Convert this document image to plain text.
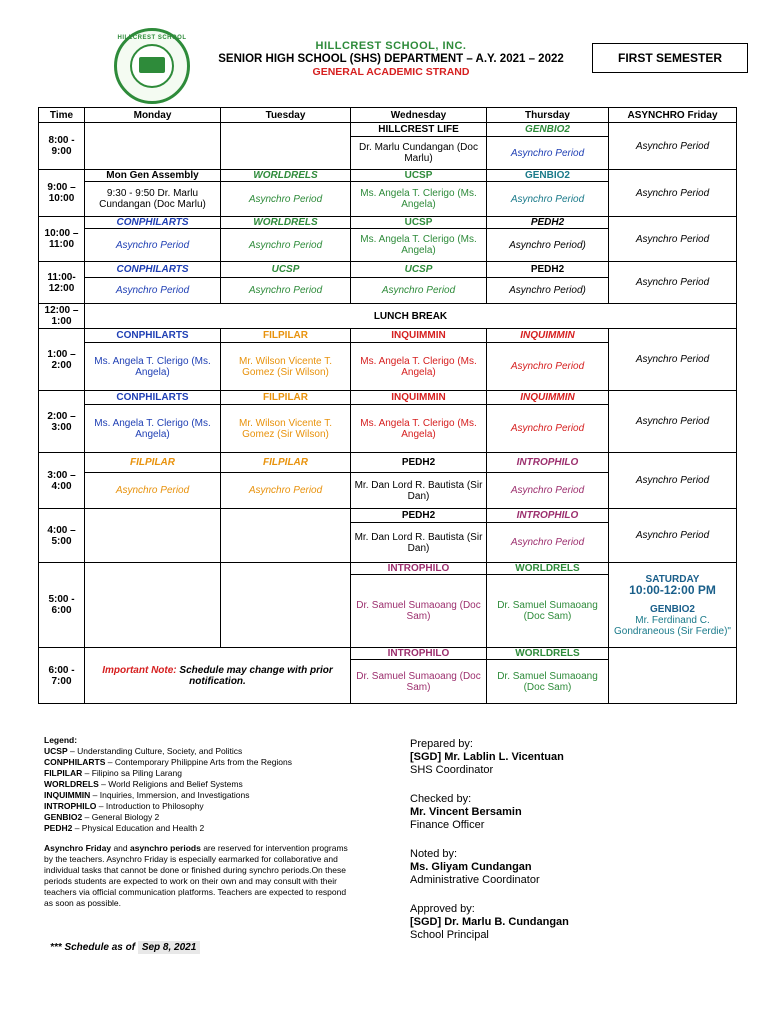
HILLCREST SCHOOL
HILLCREST SCHOOL, INC.
SENIOR HIGH SCHOOL (SHS) DEPARTMENT – A.Y. 2021 – 2022
GENERAL ACADEMIC STRAND
FIRST SEMESTER
Time	Monday	Tuesday	Wednesday	Thursday	ASYNCHRO Friday
8:00 - 9:00			HILLCREST LIFE	GENBIO2	Asynchro Period
			Dr. Marlu Cundangan (Doc Marlu)	Asynchro Period	
9:00 – 10:00	Mon Gen Assembly	WORLDRELS	UCSP	GENBIO2	Asynchro Period
	9:30 - 9:50 Dr. Marlu Cundangan (Doc Marlu)	Asynchro Period	Ms. Angela T. Clerigo (Ms. Angela)	Asynchro Period	
10:00 – 11:00	CONPHILARTS	WORLDRELS	UCSP	PEDH2	Asynchro Period
	Asynchro Period	Asynchro Period	Ms. Angela T. Clerigo (Ms. Angela)	Asynchro Period)	
11:00- 12:00	CONPHILARTS	UCSP	UCSP	PEDH2	Asynchro Period
	Asynchro Period	Asynchro Period	Asynchro Period	Asynchro Period)	
12:00 – 1:00	LUNCH BREAK				
1:00 – 2:00	CONPHILARTS	FILPILAR	INQUIMMIN	INQUIMMIN	Asynchro Period
	Ms. Angela T. Clerigo (Ms. Angela)	Mr. Wilson Vicente T. Gomez (Sir Wilson)	Ms. Angela T. Clerigo (Ms. Angela)	Asynchro Period	
2:00 – 3:00	CONPHILARTS	FILPILAR	INQUIMMIN	INQUIMMIN	Asynchro Period
	Ms. Angela T. Clerigo (Ms. Angela)	Mr. Wilson Vicente T. Gomez (Sir Wilson)	Ms. Angela T. Clerigo (Ms. Angela)	Asynchro Period	
3:00 – 4:00	FILPILAR	FILPILAR	PEDH2	INTROPHILO	Asynchro Period
	Asynchro Period	Asynchro Period	Mr. Dan Lord R. Bautista (Sir Dan)	Asynchro Period	
4:00 – 5:00			PEDH2	INTROPHILO	Asynchro Period
			Mr. Dan Lord R. Bautista (Sir Dan)	Asynchro Period	
5:00 - 6:00			INTROPHILO	WORLDRELS	SATURDAY
10:00-12:00 PM
GENBIO2
Mr. Ferdinand C. Gondraneous (Sir Ferdie)"

			Dr. Samuel Sumaoang (Doc Sam)	Dr. Samuel Sumaoang (Doc Sam)	
6:00 - 7:00	Important Note: Schedule may change with prior notification.		INTROPHILO	WORLDRELS	
			Dr. Samuel Sumaoang (Doc Sam)	Dr. Samuel Sumaoang (Doc Sam)	
Legend:
UCSP – Understanding Culture, Society, and Politics
CONPHILARTS – Contemporary Philippine Arts from the Regions
FILPILAR – Filipino sa Piling Larang
WORLDRELS – World Religions and Belief Systems
INQUIMMIN – Inquiries, Immersion, and Investigations
INTROPHILO – Introduction to Philosophy
GENBIO2 – General Biology 2
PEDH2 – Physical Education and Health 2
Asynchro Friday and asynchro periods are reserved for intervention programs by the teachers. Asynchro Friday is especially earmarked for collaborative and individual tasks that cannot be done or finished during synchro periods.On these periods students are expected to work on their own and may consult with their teachers via official communication platforms. Teachers are expected to respond as soon as possible.
*** Schedule as of Sep 8, 2021
Prepared by:
[SGD] Mr. Lablin L. Vicentuan
SHS Coordinator
Checked by:
Mr. Vincent Bersamin
Finance Officer
Noted by:
Ms. Gliyam Cundangan
Administrative Coordinator
Approved by:
[SGD] Dr. Marlu B. Cundangan
School Principal
